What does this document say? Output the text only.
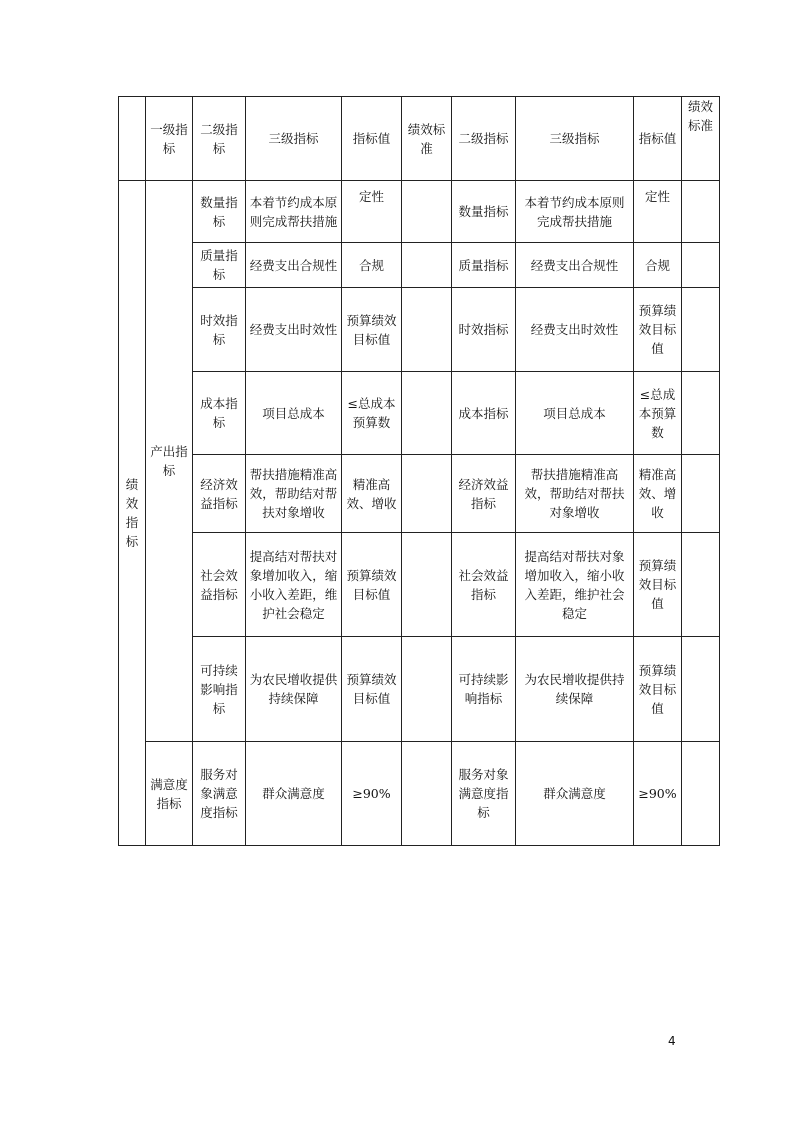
	一级指标	二级指标	三级指标	指标值	绩效标准	二级指标	三级指标	指标值	绩效标准
绩效指标	产出指标	数量指标	本着节约成本原则完成帮扶措施	定性		数量指标	本着节约成本原则完成帮扶措施	定性	
		质量指标	经费支出合规性	合规		质量指标	经费支出合规性	合规	
		时效指标	经费支出时效性	预算绩效目标值		时效指标	经费支出时效性	预算绩效目标值	
		成本指标	项目总成本	≤总成本预算数		成本指标	项目总成本	≤总成本预算数	
		经济效益指标	帮扶措施精准高效，帮助结对帮扶对象增收	精准高效、增收		经济效益指标	帮扶措施精准高效，帮助结对帮扶对象增收	精准高效、增收	
		社会效益指标	提高结对帮扶对象增加收入，缩小收入差距，维护社会稳定	预算绩效目标值		社会效益指标	提高结对帮扶对象增加收入，缩小收入差距，维护社会稳定	预算绩效目标值	
		可持续影响指标	为农民增收提供持续保障	预算绩效目标值		可持续影响指标	为农民增收提供持续保障	预算绩效目标值	
	满意度指标	服务对象满意度指标	群众满意度	≥90%		服务对象满意度指标	群众满意度	≥90%	
4
